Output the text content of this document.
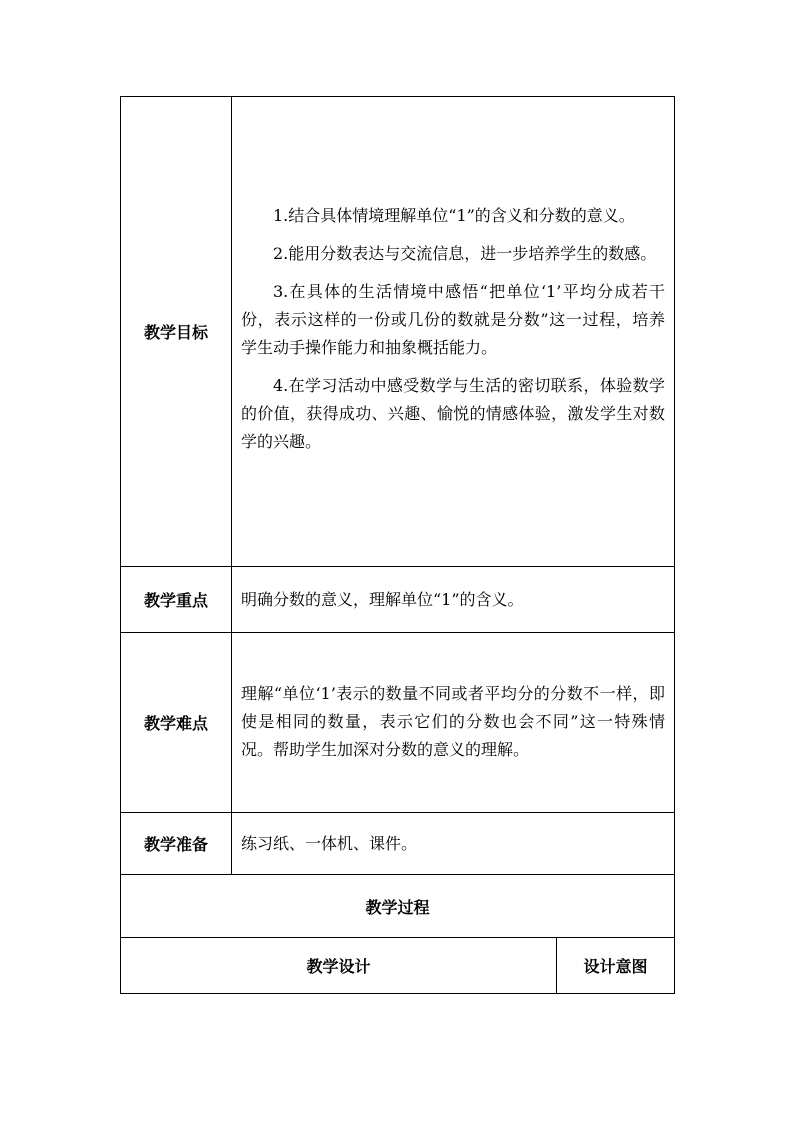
教学目标	1.结合具体情境理解单位“1”的含义和分数的意义。

2.能用分数表达与交流信息，进一步培养学生的数感。

3.在具体的生活情境中感悟“把单位‘1’平均分成若干份，表示这样的一份或几份的数就是分数”这一过程，培养学生动手操作能力和抽象概括能力。

4.在学习活动中感受数学与生活的密切联系，体验数学的价值，获得成功、兴趣、愉悦的情感体验，激发学生对数学的兴趣。	

教学重点	明确分数的意义，理解单位“1”的含义。	

教学难点	理解“单位‘1’表示的数量不同或者平均分的分数不一样，即使是相同的数量，表示它们的分数也会不同”这一特殊情况。帮助学生加深对分数的意义的理解。	

教学准备	练习纸、一体机、课件。	

教学过程		
教学设计		设计意图
